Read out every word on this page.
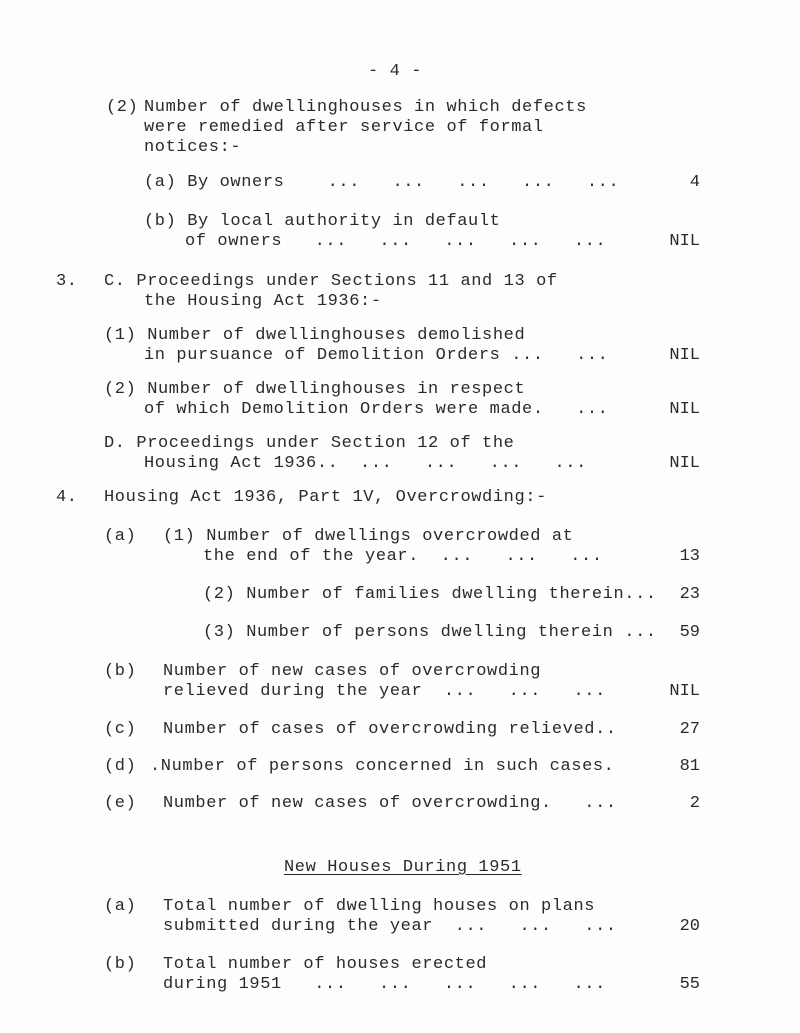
- 4 -
(2) Number of dwellinghouses in which defects
were remedied after service of formal
notices:-
(a) By owners    ...   ...   ...   ...   ...	4
(b) By local authority in default
of owners   ...   ...   ...   ...   ...	NIL
3. C. Proceedings under Sections 11 and 13 of
the Housing Act 1936:-
(1) Number of dwellinghouses demolished
in pursuance of Demolition Orders ...   ...	NIL
(2) Number of dwellinghouses in respect
of which Demolition Orders were made.   ...	NIL
D. Proceedings under Section 12 of the
Housing Act 1936..  ...   ...   ...   ...	NIL
4. Housing Act 1936, Part 1V, Overcrowding:-
(a) (1) Number of dwellings overcrowded at
the end of the year.  ...   ...   ...	13
(2) Number of families dwelling therein...	23
(3) Number of persons dwelling therein ...	59
(b) Number of new cases of overcrowding
relieved during the year  ...   ...   ...	NIL
(c) Number of cases of overcrowding relieved..	27
(d) .Number of persons concerned in such cases.	81
(e) Number of new cases of overcrowding.   ...	2
New Houses During 1951
(a) Total number of dwelling houses on plans
submitted during the year  ...   ...   ...	20
(b) Total number of houses erected
during 1951   ...   ...   ...   ...   ...	55
